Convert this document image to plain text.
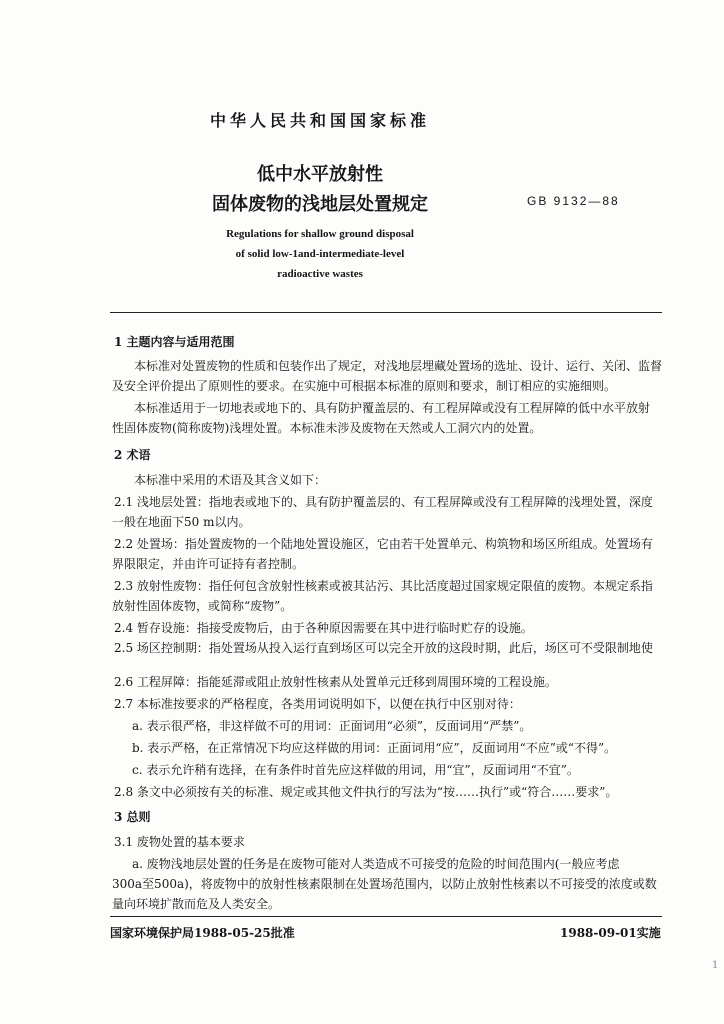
中华人民共和国国家标准
低中水平放射性
固体废物的浅地层处置规定	GB 9132—88
Regulations for shallow ground disposal
of solid low-1and-intermediate-level
radioactive wastes
1 主题内容与适用范围
本标准对处置废物的性质和包装作出了规定，对浅地层埋藏处置场的选址、设计、运行、关闭、监督
及安全评价提出了原则性的要求。在实施中可根据本标准的原则和要求，制订相应的实施细则。
本标准适用于一切地表或地下的、具有防护覆盖层的、有工程屏障或没有工程屏障的低中水平放射
性固体废物(简称废物)浅埋处置。本标准未涉及废物在天然或人工洞穴内的处置。
2 术语
本标准中采用的术语及其含义如下：
2.1 浅地层处置：指地表或地下的、具有防护覆盖层的、有工程屏障或没有工程屏障的浅埋处置，深度
一般在地面下50 m以内。
2.2 处置场：指处置废物的一个陆地处置设施区，它由若干处置单元、构筑物和场区所组成。处置场有
界限限定，并由许可证持有者控制。
2.3 放射性废物：指任何包含放射性核素或被其沾污、其比活度超过国家规定限值的废物。本规定系指
放射性固体废物，或简称“废物”。
2.4 暂存设施：指接受废物后，由于各种原因需要在其中进行临时贮存的设施。
2.5 场区控制期：指处置场从投入运行直到场区可以完全开放的这段时期，此后，场区可不受限制地使
2.6 工程屏障：指能延滞或阻止放射性核素从处置单元迁移到周围环境的工程设施。
2.7 本标准按要求的严格程度，各类用词说明如下，以便在执行中区别对待：
a. 表示很严格，非这样做不可的用词：正面词用“必须”，反面词用“严禁”。
b. 表示严格，在正常情况下均应这样做的用词：正面词用“应”，反面词用“不应”或“不得”。
c. 表示允许稍有选择，在有条件时首先应这样做的用词，用“宜”，反面词用“不宜”。
2.8 条文中必须按有关的标准、规定或其他文件执行的写法为“按……执行”或“符合……要求”。
3 总则
3.1 废物处置的基本要求
a. 废物浅地层处置的任务是在废物可能对人类造成不可接受的危险的时间范围内(一般应考虑
300a至500a)，将废物中的放射性核素限制在处置场范围内，以防止放射性核素以不可接受的浓度或数
量向环境扩散而危及人类安全。
国家环境保护局1988-05-25批准	1988-09-01实施
1
